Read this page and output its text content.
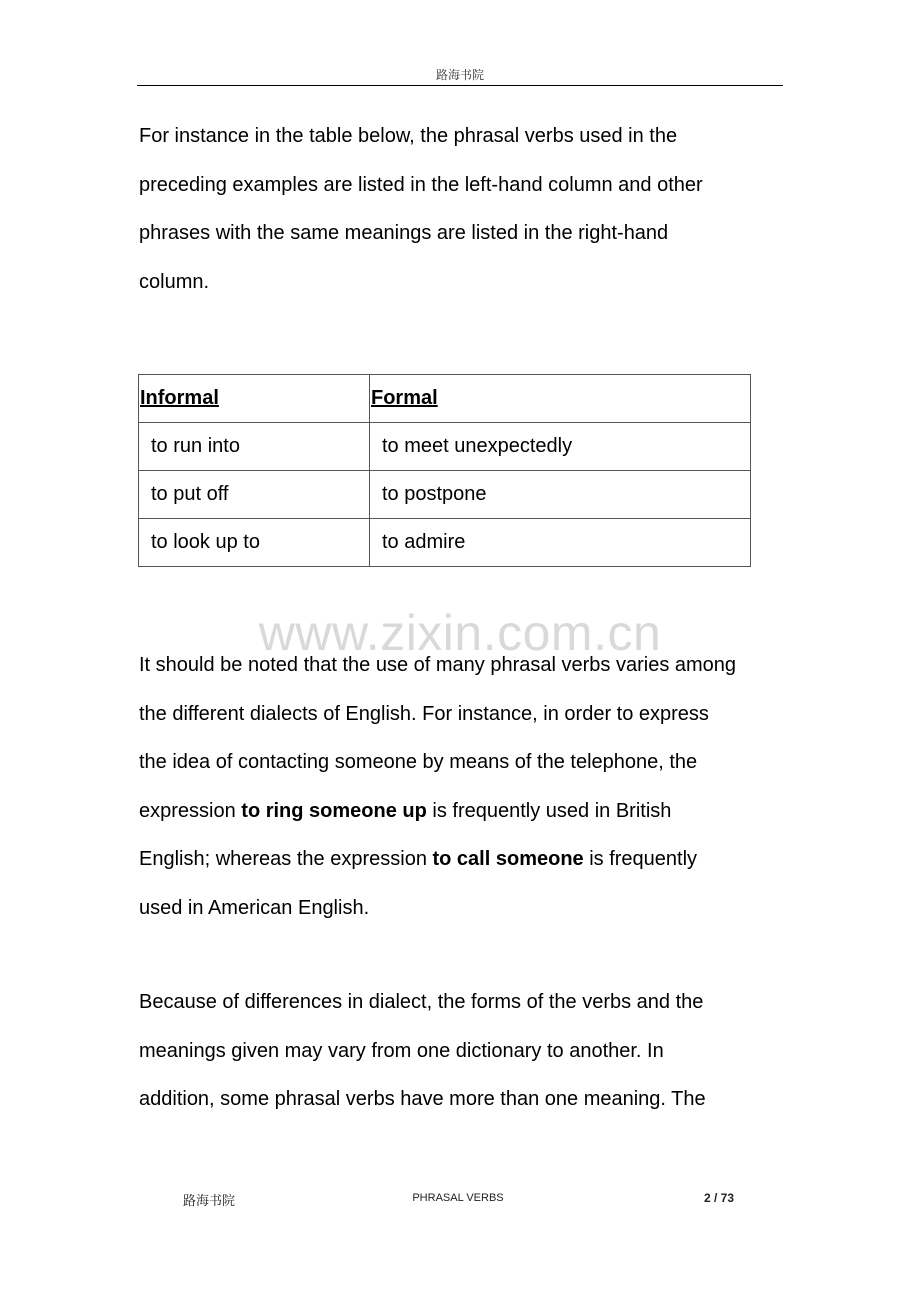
路海书院

For instance in the table below, the phrasal verbs used in the
preceding examples are listed in the left-hand column and other
phrases with the same meanings are listed in the right-hand
column.

Informal	Formal
to run into	to meet unexpectedly
to put off	to postpone
to look up to	to admire
www.zixin.com.cn

It should be noted that the use of many phrasal verbs varies among
the different dialects of English. For instance, in order to express
the idea of contacting someone by means of the telephone, the
expression to ring someone up is frequently used in British
English; whereas the expression to call someone is frequently
used in American English.

Because of differences in dialect, the forms of the verbs and the
meanings given may vary from one dictionary to another. In
addition, some phrasal verbs have more than one meaning. The

路海书院	PHRASAL VERBS	2 / 73
